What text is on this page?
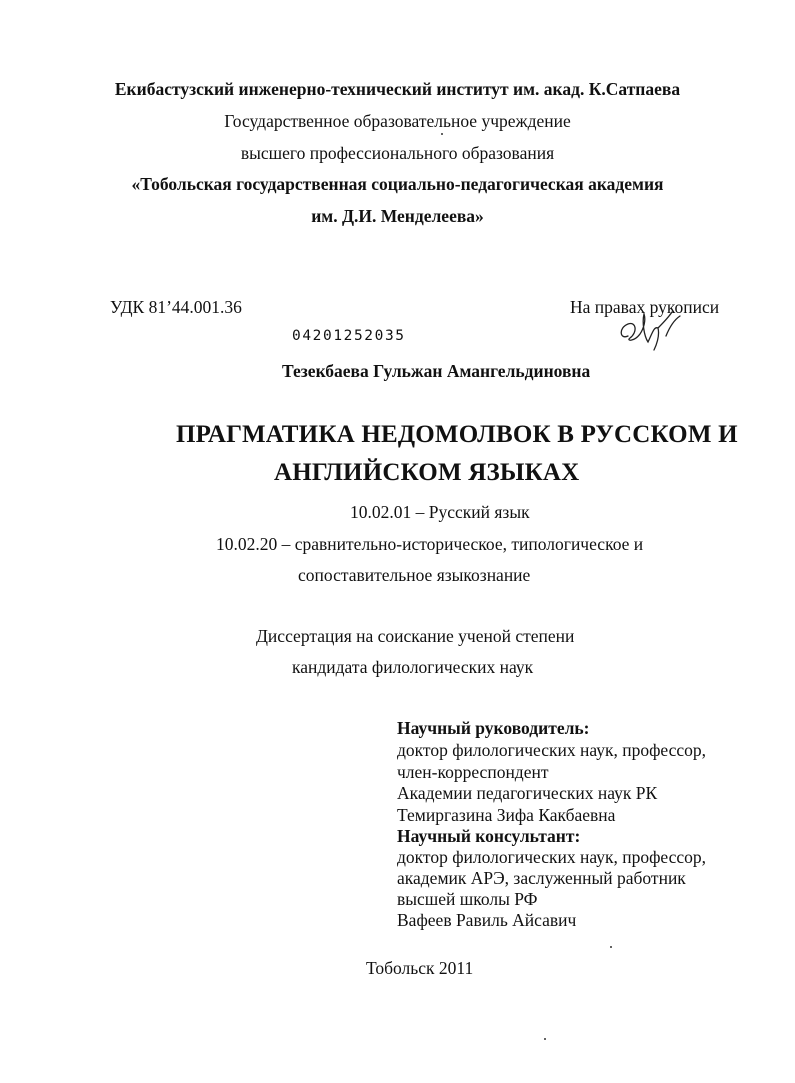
Екибастузский инженерно-технический институт им. акад. К.Сатпаева
Государственное образовательное учреждение
высшего профессионального образования
«Тобольская государственная социально-педагогическая академия
им. Д.И. Менделеева»
УДК 81’44.001.36	На правах рукописи
04201252035
Тезекбаева Гульжан Амангельдиновна
ПРАГМАТИКА НЕДОМОЛВОК В РУССКОМ И
АНГЛИЙСКОМ ЯЗЫКАХ
10.02.01 – Русский язык
10.02.20 – сравнительно-историческое, типологическое и
сопоставительное языкознание
Диссертация на соискание ученой степени
кандидата филологических наук
Научный руководитель:
доктор филологических наук, профессор,
член-корреспондент
Академии педагогических наук РК
Темиргазина Зифа Какбаевна
Научный консультант:
доктор филологических наук, профессор,
академик АРЭ, заслуженный работник
высшей школы РФ
Вафеев Равиль Айсавич
Тобольск 2011
